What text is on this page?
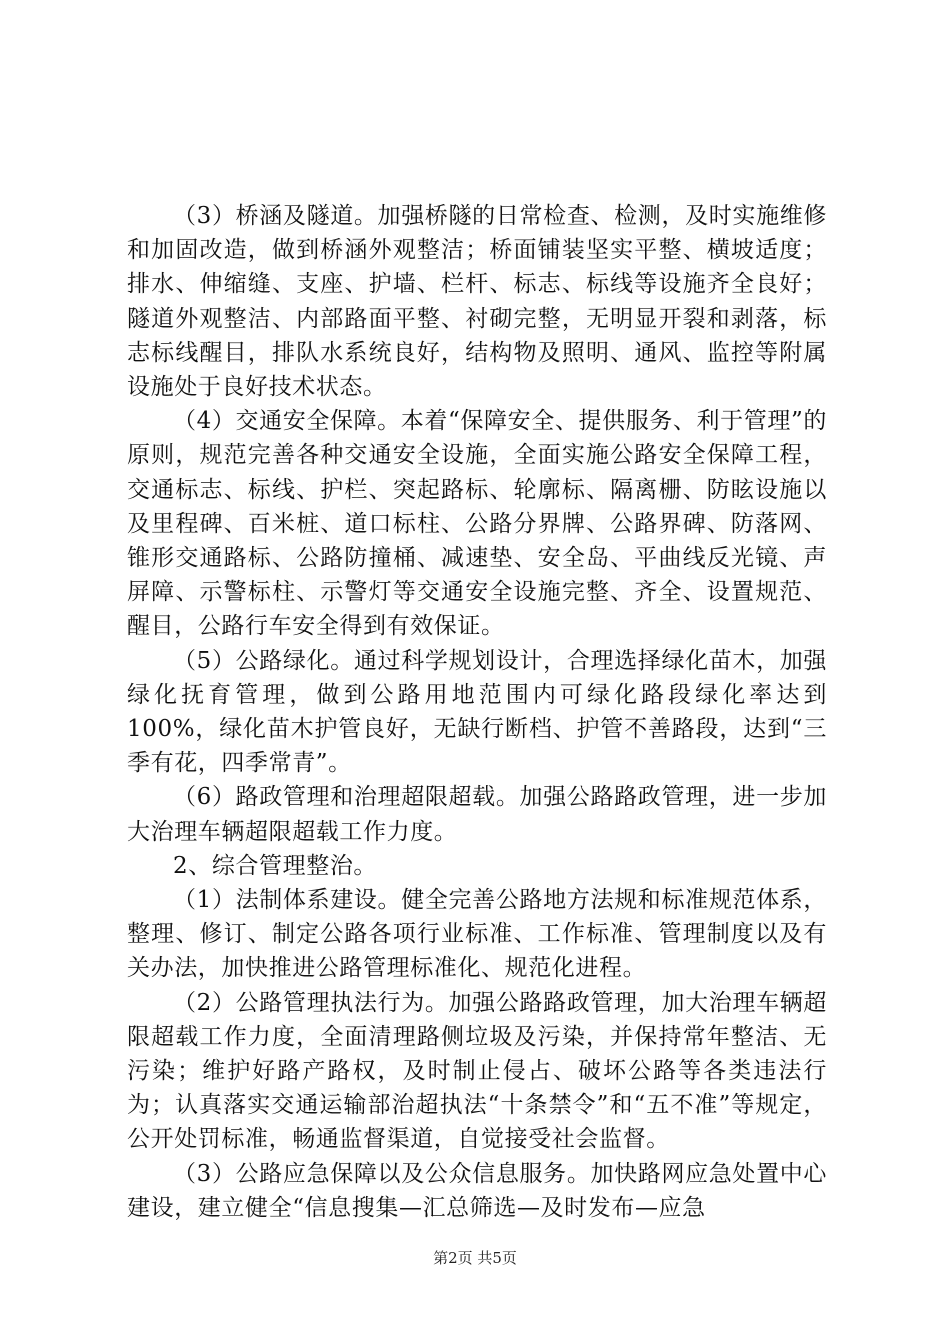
（3）桥涵及隧道。加强桥隧的日常检查、检测，及时实施维修和加固改造，做到桥涵外观整洁；桥面铺装坚实平整、横坡适度；排水、伸缩缝、支座、护墙、栏杆、标志、标线等设施齐全良好；隧道外观整洁、内部路面平整、衬砌完整，无明显开裂和剥落，标志标线醒目，排队水系统良好，结构物及照明、通风、监控等附属设施处于良好技术状态。

（4）交通安全保障。本着“保障安全、提供服务、利于管理”的原则，规范完善各种交通安全设施，全面实施公路安全保障工程，交通标志、标线、护栏、突起路标、轮廓标、隔离栅、防眩设施以及里程碑、百米桩、道口标柱、公路分界牌、公路界碑、防落网、锥形交通路标、公路防撞桶、减速垫、安全岛、平曲线反光镜、声屏障、示警标柱、示警灯等交通安全设施完整、齐全、设置规范、醒目，公路行车安全得到有效保证。

（5）公路绿化。通过科学规划设计，合理选择绿化苗木，加强绿化抚育管理，做到公路用地范围内可绿化路段绿化率达到100%，绿化苗木护管良好，无缺行断档、护管不善路段，达到“三季有花，四季常青”。

（6）路政管理和治理超限超载。加强公路路政管理，进一步加大治理车辆超限超载工作力度。

2、综合管理整治。

（1）法制体系建设。健全完善公路地方法规和标准规范体系，整理、修订、制定公路各项行业标准、工作标准、管理制度以及有关办法，加快推进公路管理标准化、规范化进程。

（2）公路管理执法行为。加强公路路政管理，加大治理车辆超限超载工作力度，全面清理路侧垃圾及污染，并保持常年整洁、无污染；维护好路产路权，及时制止侵占、破坏公路等各类违法行为；认真落实交通运输部治超执法“十条禁令”和“五不准”等规定，公开处罚标准，畅通监督渠道，自觉接受社会监督。

（3）公路应急保障以及公众信息服务。加快路网应急处置中心建设，建立健全“信息搜集—汇总筛选—及时发布—应急

第2页 共5页
